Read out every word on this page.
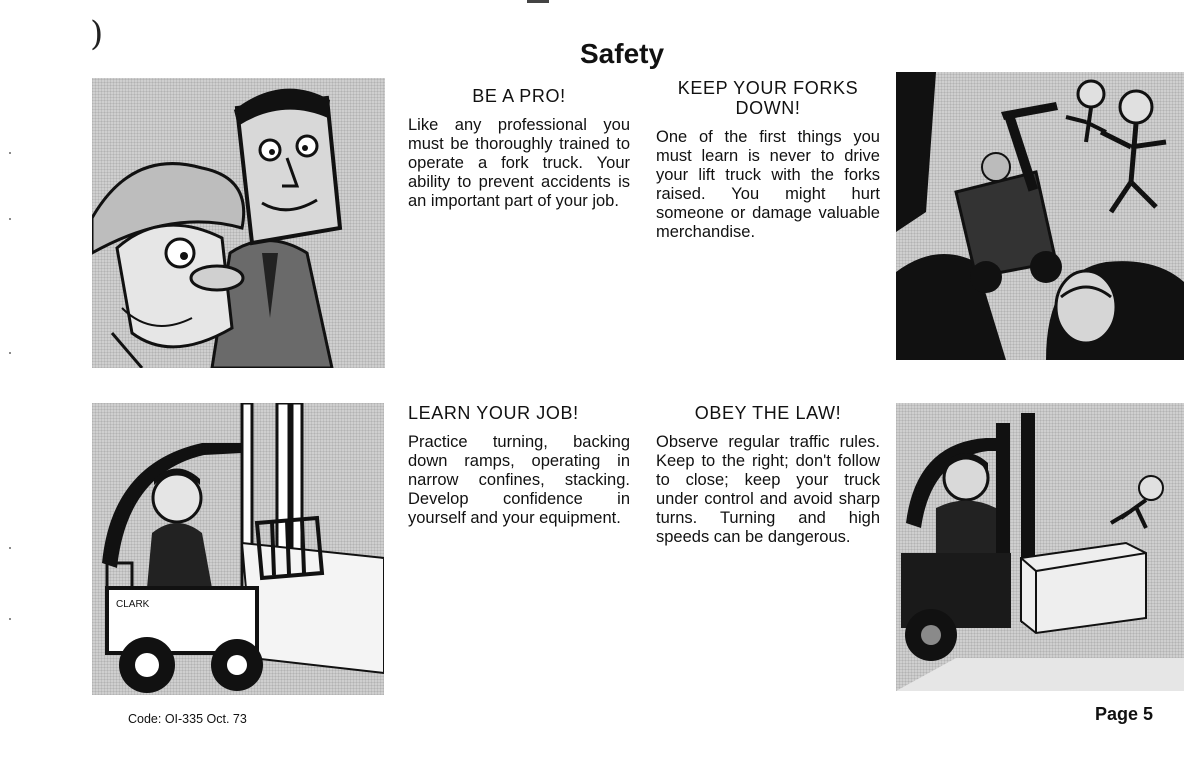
)	Safety
BE A PRO!

Like any professional you must be thoroughly trained to operate a fork truck. Your ability to prevent accidents is an important part of your job.

KEEP YOUR FORKS DOWN!

One of the first things you must learn is never to drive your lift truck with the forks raised. You might hurt someone or damage valuable merchandise.

CLARK
LEARN YOUR JOB!

Practice turning, backing down ramps, operating in narrow confines, stacking. Develop confidence in yourself and your equipment.

OBEY THE LAW!

Observe regular traffic rules. Keep to the right; don't follow to close; keep your truck under control and avoid sharp turns. Turning and high speeds can be dangerous.

Code: OI-335 Oct. 73	Page 5
